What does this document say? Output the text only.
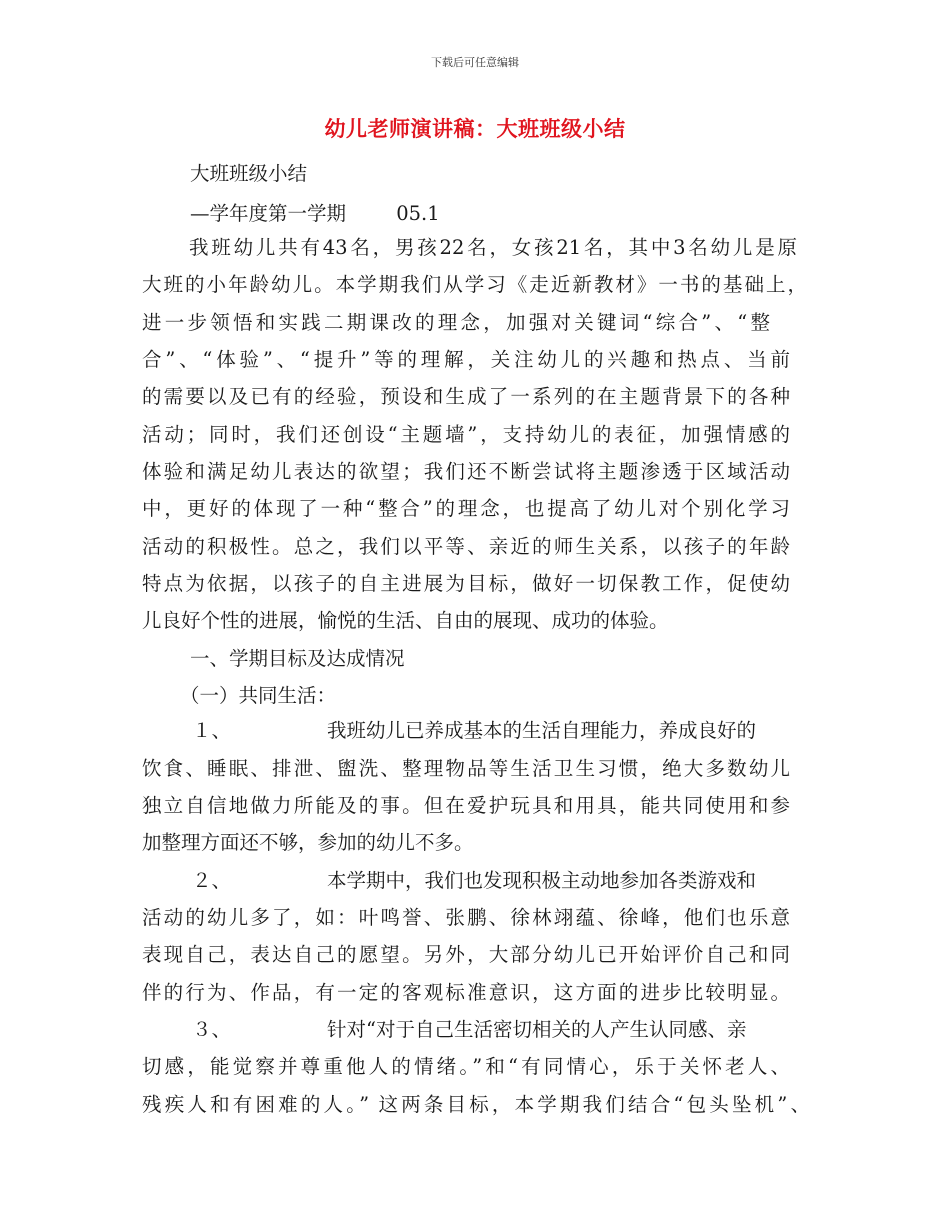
下载后可任意编辑
幼儿老师演讲稿：大班班级小结
大班班级小结
—学年度第一学期	05.1
我班幼儿共有43名，男孩22名，女孩21名，其中3名幼儿是原
大班的小年龄幼儿。本学期我们从学习《走近新教材》一书的基础上，
进一步领悟和实践二期课改的理念，加强对关键词“综合”、“整
合”、“体验”、“提升”等的理解，关注幼儿的兴趣和热点、当前
的需要以及已有的经验，预设和生成了一系列的在主题背景下的各种
活动；同时，我们还创设“主题墙”，支持幼儿的表征，加强情感的
体验和满足幼儿表达的欲望；我们还不断尝试将主题渗透于区域活动
中，更好的体现了一种“整合”的理念，也提高了幼儿对个别化学习
活动的积极性。总之，我们以平等、亲近的师生关系，以孩子的年龄
特点为依据，以孩子的自主进展为目标，做好一切保教工作，促使幼
儿良好个性的进展，愉悦的生活、自由的展现、成功的体验。
一、学期目标及达成情况
（一）共同生活：
１、	我班幼儿已养成基本的生活自理能力，养成良好的
饮食、睡眠、排泄、盥洗、整理物品等生活卫生习惯，绝大多数幼儿
独立自信地做力所能及的事。但在爱护玩具和用具，能共同使用和参
加整理方面还不够，参加的幼儿不多。
２、	本学期中，我们也发现积极主动地参加各类游戏和
活动的幼儿多了，如：叶鸣誉、张鹏、徐林翊蕴、徐峰，他们也乐意
表现自己，表达自己的愿望。另外，大部分幼儿已开始评价自己和同
伴的行为、作品，有一定的客观标准意识，这方面的进步比较明显。
３、	针对“对于自己生活密切相关的人产生认同感、亲
切感，能觉察并尊重他人的情绪。”和“有同情心，乐于关怀老人、
残疾人和有困难的人。” 这两条目标，本学期我们结合“包头坠机”、
